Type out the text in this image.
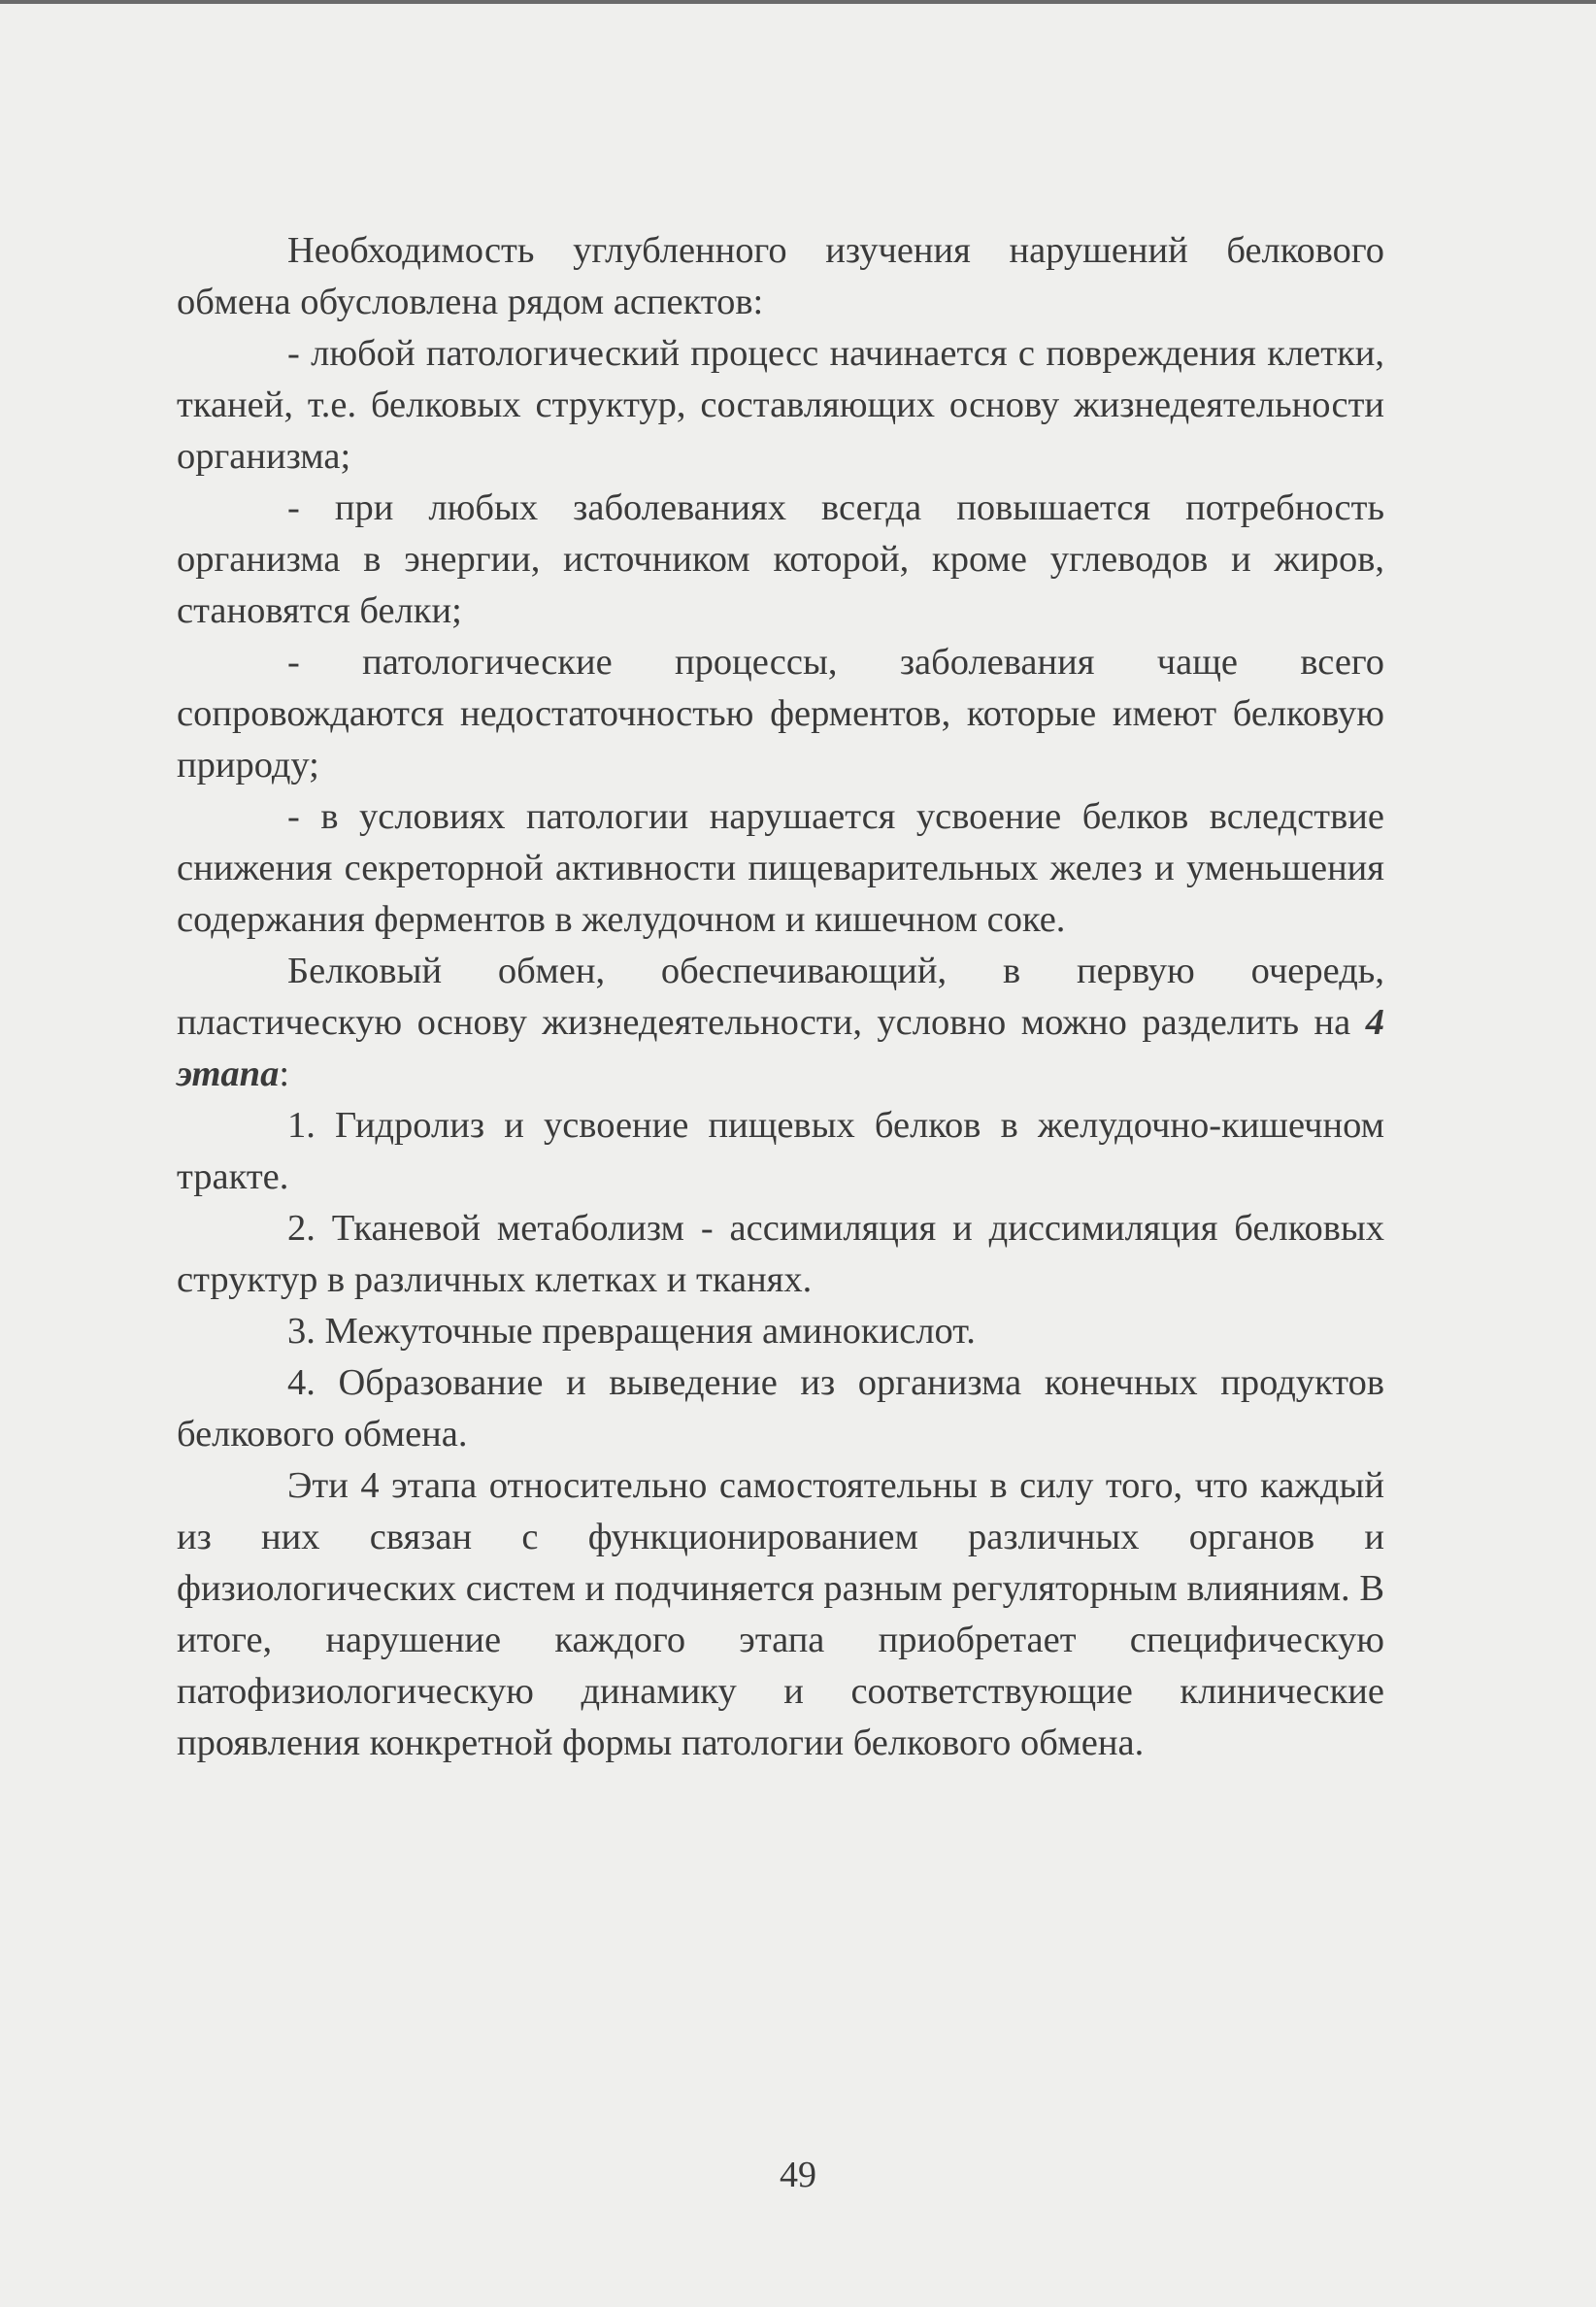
Необходимость углубленного изучения нарушений белкового обмена обусловлена рядом аспектов:

- любой патологический процесс начинается с повреждения клетки, тканей, т.е. белковых структур, составляющих основу жизнедеятельности организма;

- при любых заболеваниях всегда повышается потребность организма в энергии, источником которой, кроме углеводов и жиров, становятся белки;

- патологические процессы, заболевания чаще всего сопровождаются недостаточностью ферментов, которые имеют белковую природу;

- в условиях патологии нарушается усвоение белков вследствие снижения секреторной активности пищеварительных желез и уменьшения содержания ферментов в желудочном и кишечном соке.

Белковый обмен, обеспечивающий, в первую очередь, пластическую основу жизнедеятельности, условно можно разделить на 4 этапа:

1. Гидролиз и усвоение пищевых белков в желудочно-кишечном тракте.

2. Тканевой метаболизм - ассимиляция и диссимиляция белковых структур в различных клетках и тканях.

3. Межуточные превращения аминокислот.

4. Образование и выведение из организма конечных продуктов белкового обмена.

Эти 4 этапа относительно самостоятельны в силу того, что каждый из них связан с функционированием различных органов и физиологических систем и подчиняется разным регуляторным влияниям. В итоге, нарушение каждого этапа приобретает специфическую патофизиологическую динамику и соответствующие клинические проявления конкретной формы патологии белкового обмена.

49
